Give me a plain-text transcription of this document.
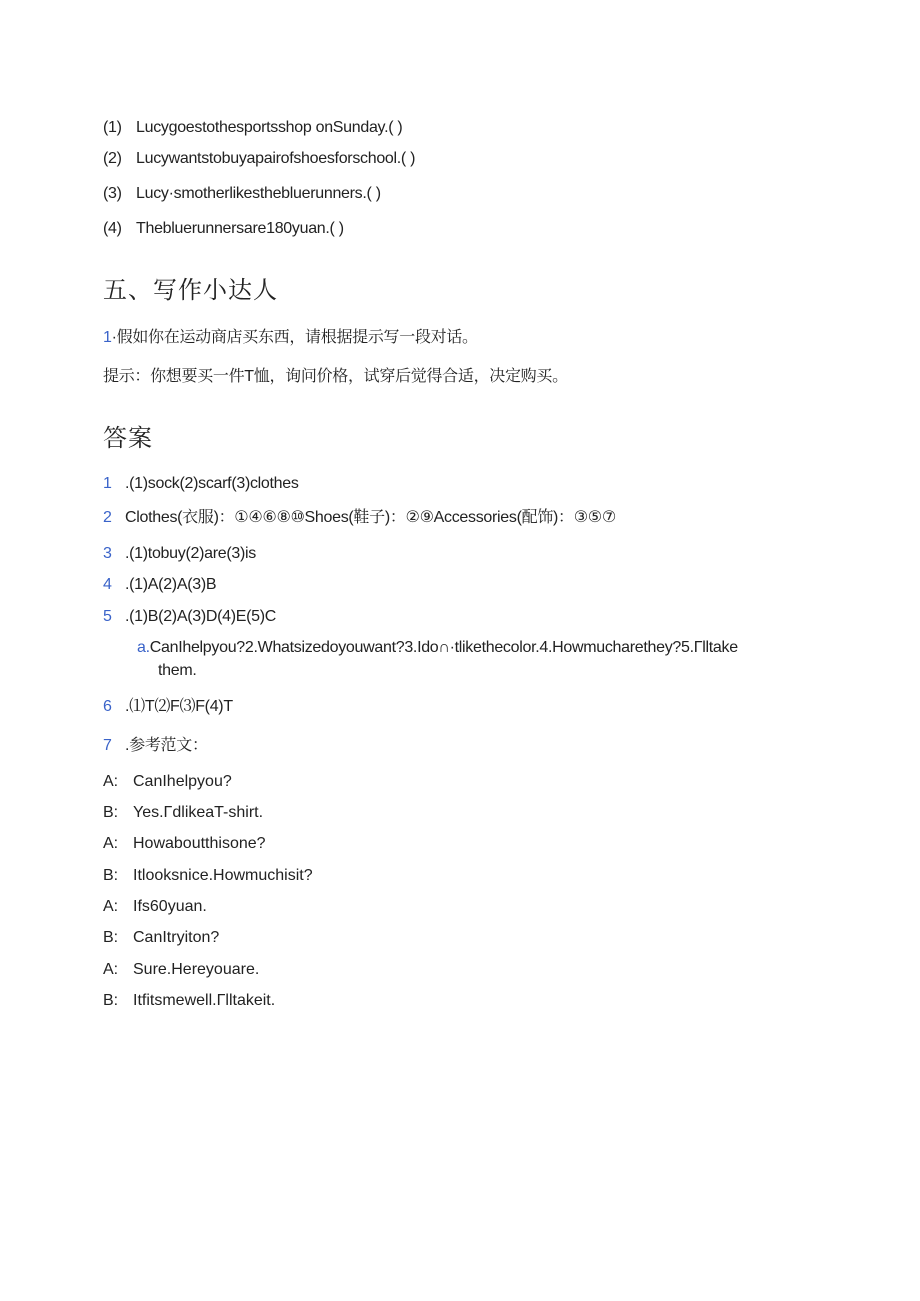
(1) Lucygoestothesportsshop onSunday.( )
(2) Lucywantstobuyapairofshoesforschool.( )
(3) Lucy·smotherlikesthebluerunners.( )
(4) Thebluerunnersare180yuan.( )
五、写作小达人
1·假如你在运动商店买东西，请根据提示写一段对话。
提示：你想要买一件T恤，询问价格，试穿后觉得合适，决定购买。
答案
1 .(1)sock(2)scarf(3)clothes
2 Clothes(衣服)：①④⑥⑧⑩Shoes(鞋子)：②⑨Accessories(配饰)：③⑤⑦
3 .(1)tobuy(2)are(3)is
4 .(1)A(2)A(3)B
5 .(1)B(2)A(3)D(4)E(5)C
a.CanIhelpyou?2.Whatsizedoyouwant?3.Ido∩·tlikethecolor.4.Howmucharethey?5.Γlltake
them.
6 .⑴T⑵F⑶F(4)T
7 .参考范文：
A: CanIhelpyou?
B: Yes.ΓdlikeaT-shirt.
A: Howaboutthisone?
B: Itlooksnice.Howmuchisit?
A: Ifs60yuan.
B: CanItryiton?
A: Sure.Hereyouare.
B: Itfitsmewell.Γlltakeit.
